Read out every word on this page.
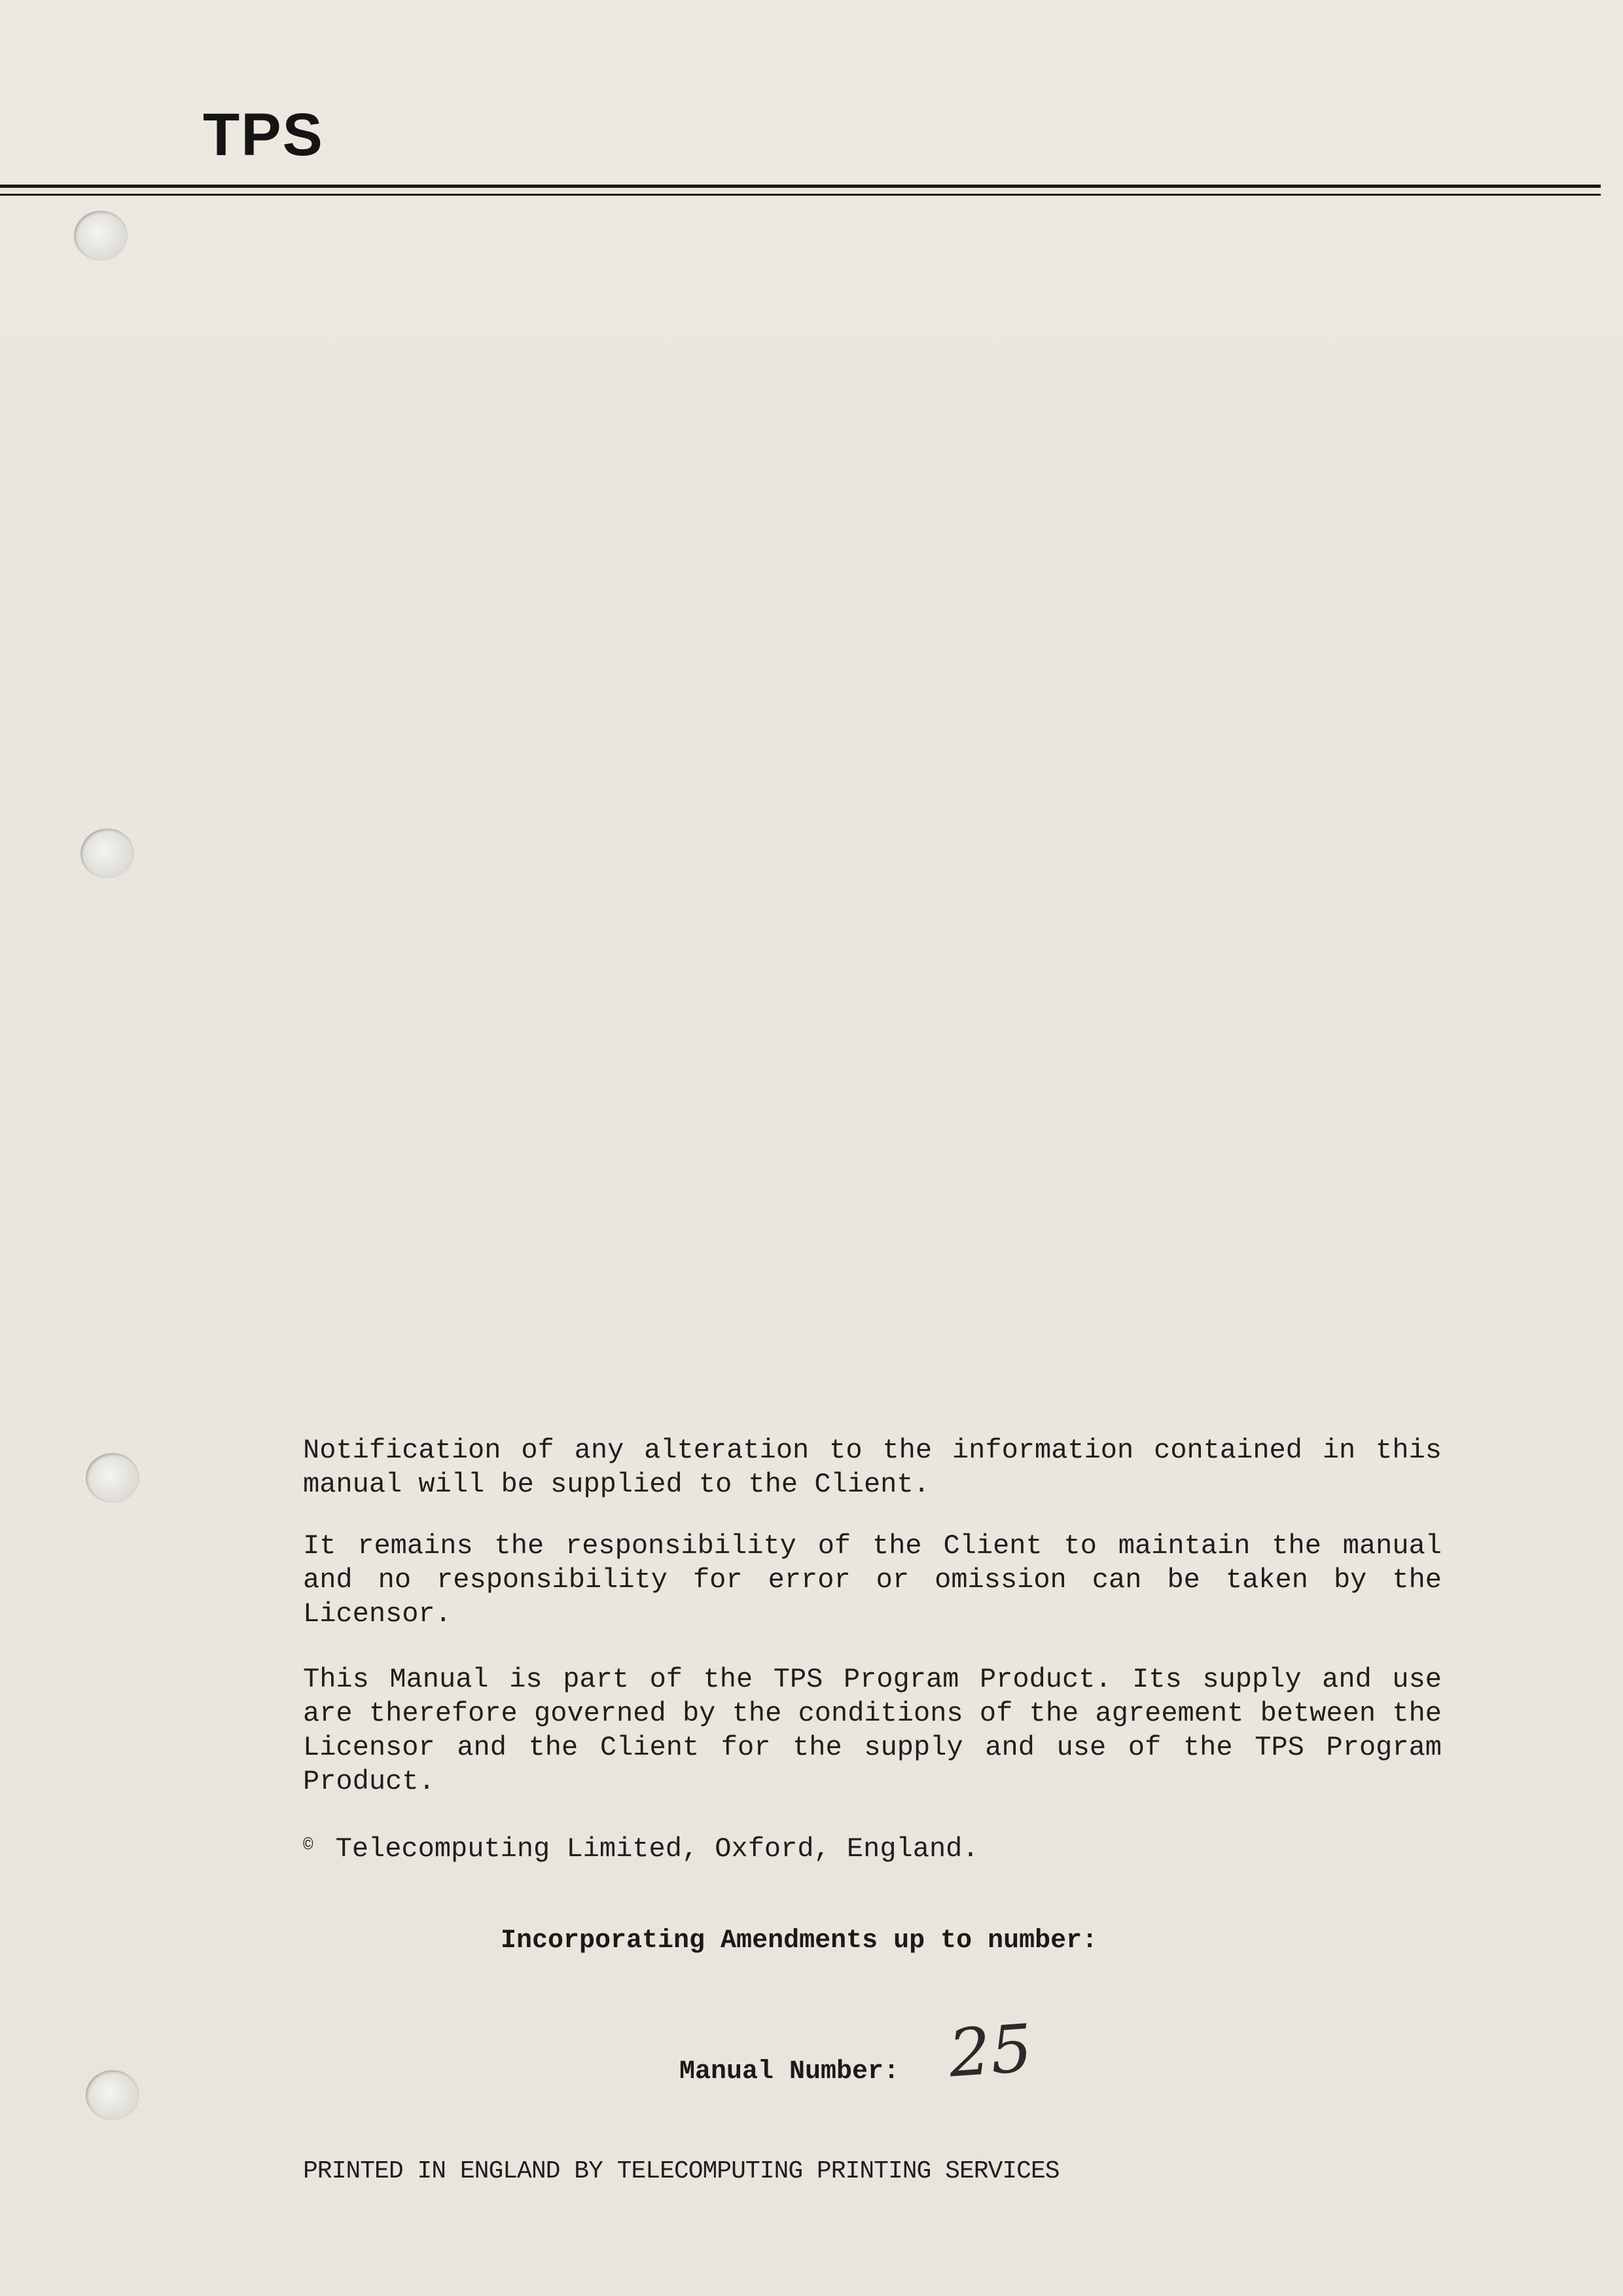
TPS
Notification of any alteration to the information contained in this manual will be supplied to the Client.
It remains the responsibility of the Client to maintain the manual and no responsibility for error or omission can be taken by the Licensor.
This Manual is part of the TPS Program Product. Its supply and use are therefore governed by the conditions of the agreement between the Licensor and the Client for the supply and use of the TPS Program Product.
© Telecomputing Limited, Oxford, England.
Incorporating Amendments up to number:
Manual Number: 25
PRINTED IN ENGLAND BY TELECOMPUTING PRINTING SERVICES
